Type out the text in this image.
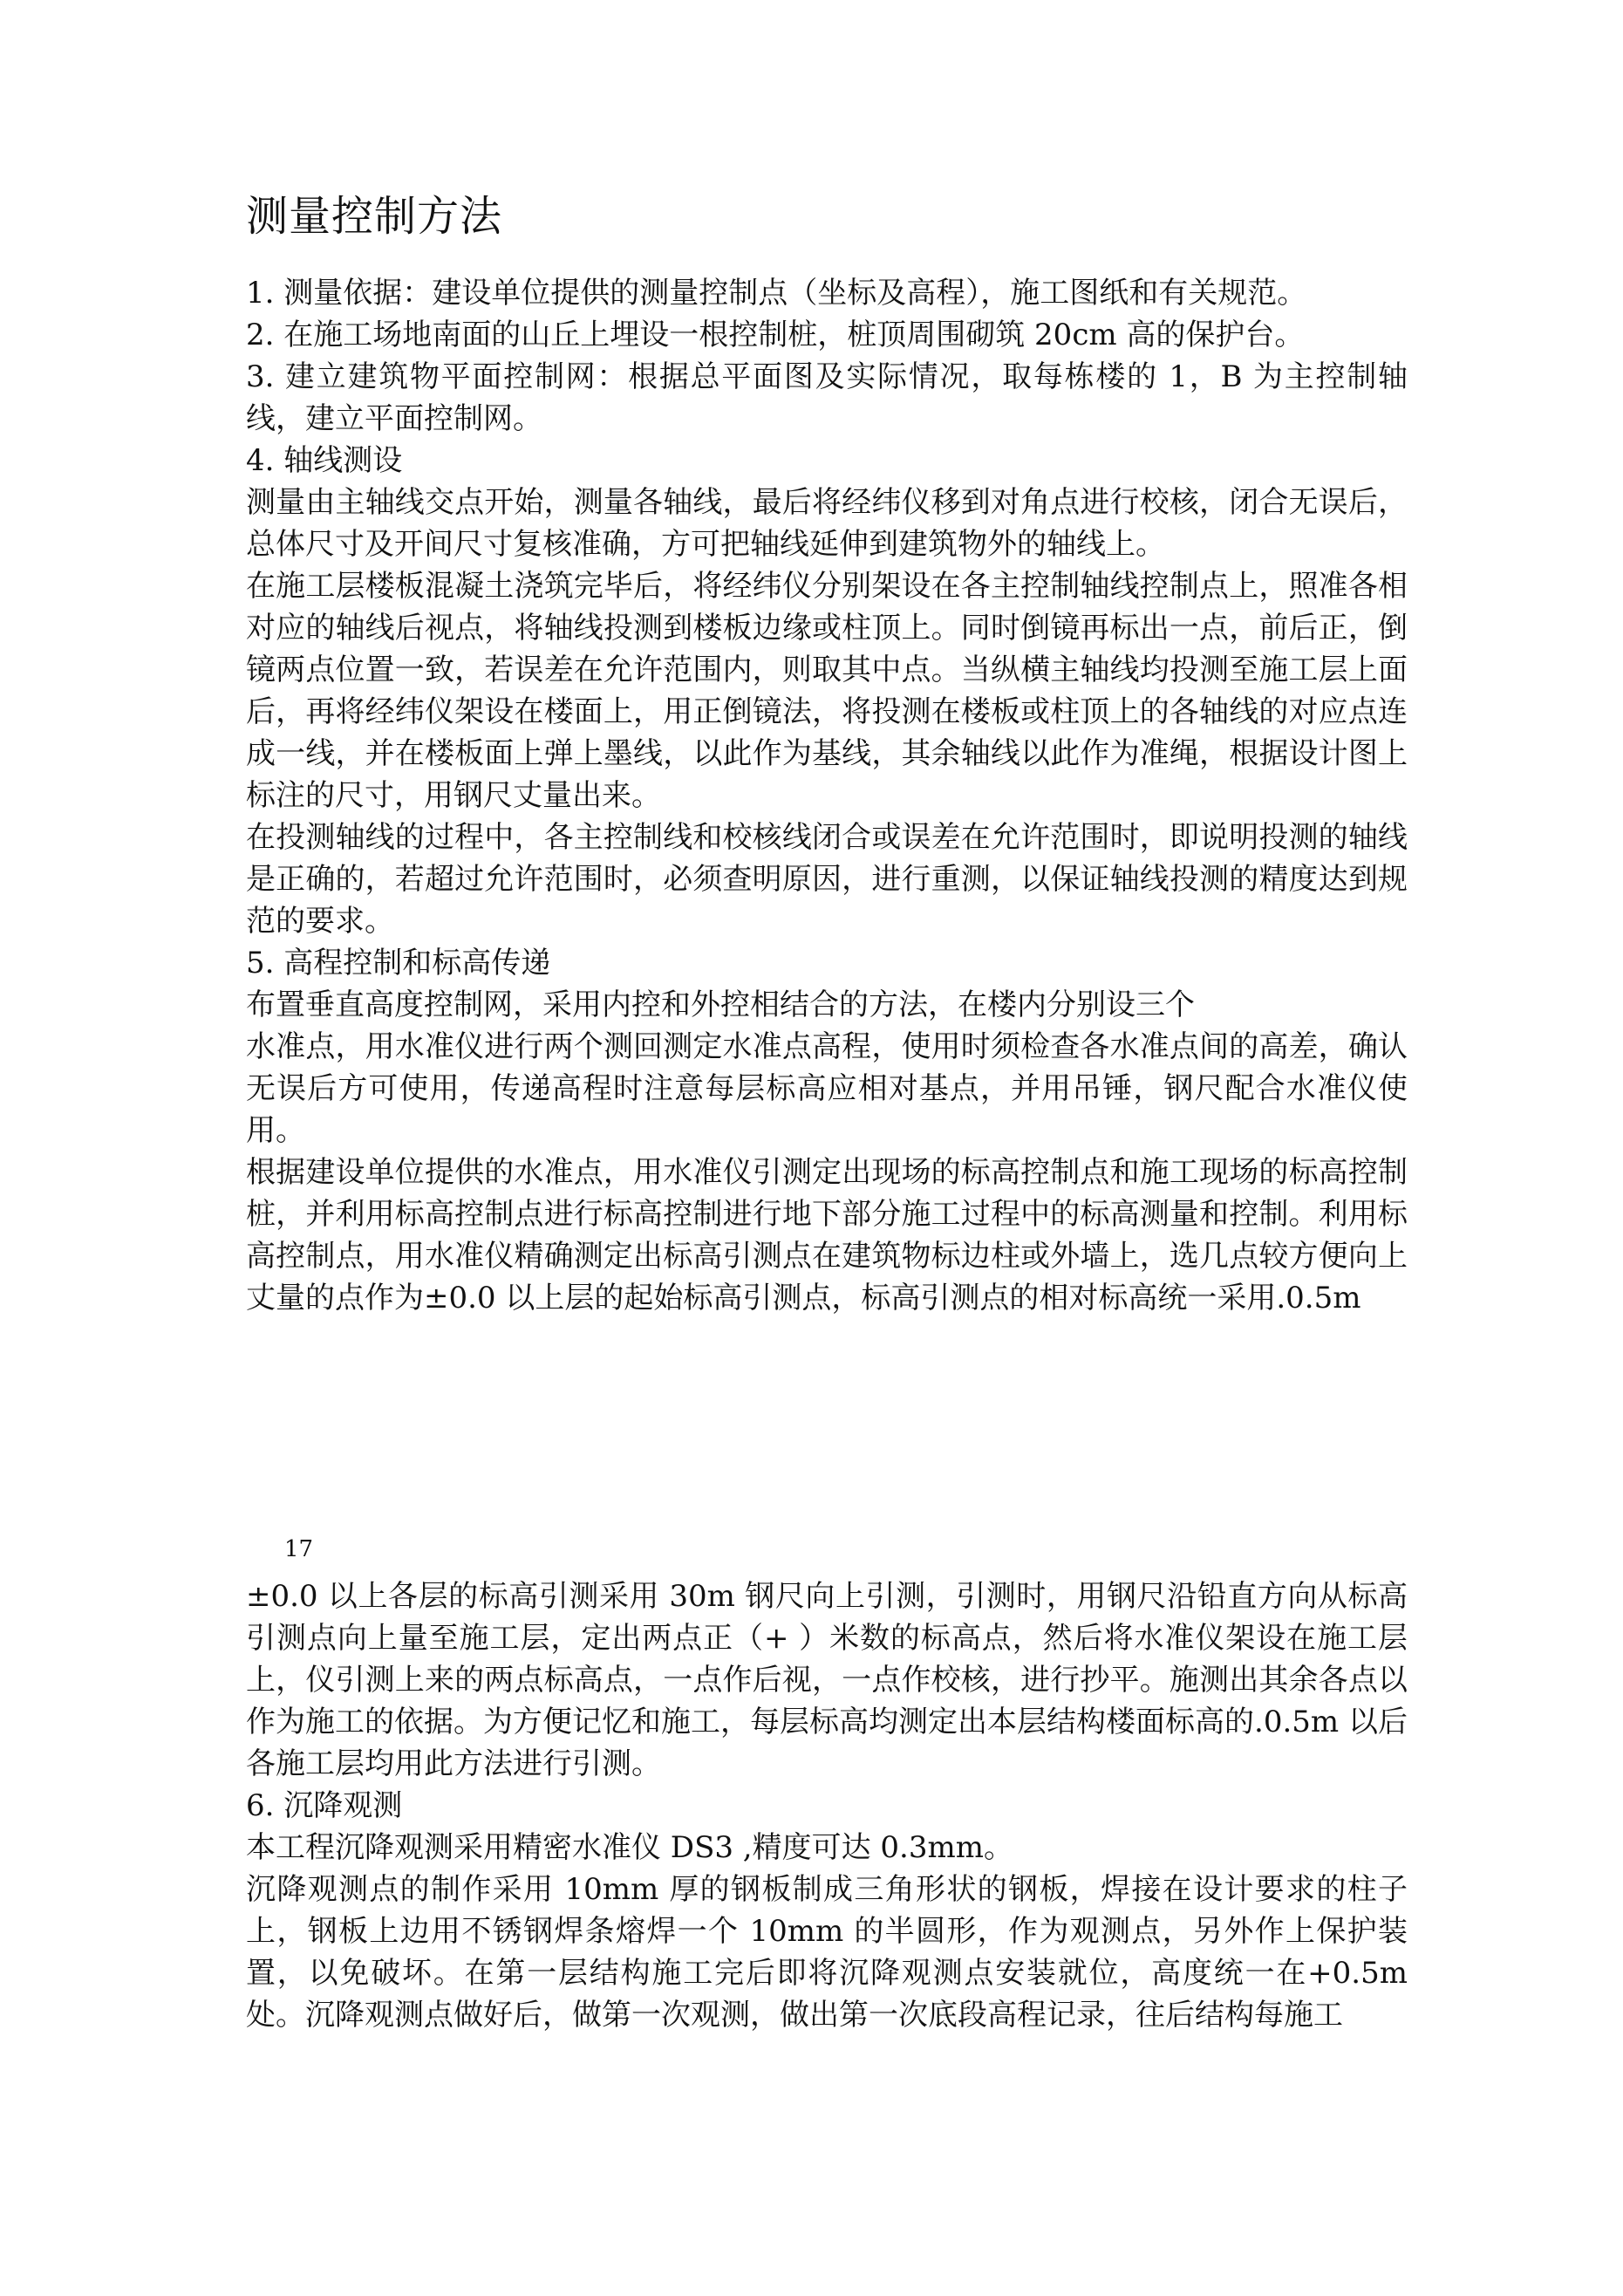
测量控制方法

1. 测量依据：建设单位提供的测量控制点（坐标及高程），施工图纸和有关规范。

2. 在施工场地南面的山丘上埋设一根控制桩，桩顶周围砌筑 20cm 高的保护台。

3. 建立建筑物平面控制网：根据总平面图及实际情况，取每栋楼的 1，B 为主控制轴线，建立平面控制网。

4. 轴线测设

测量由主轴线交点开始，测量各轴线，最后将经纬仪移到对角点进行校核，闭合无误后，总体尺寸及开间尺寸复核准确，方可把轴线延伸到建筑物外的轴线上。

在施工层楼板混凝土浇筑完毕后，将经纬仪分别架设在各主控制轴线控制点上，照准各相对应的轴线后视点，将轴线投测到楼板边缘或柱顶上。同时倒镜再标出一点，前后正，倒镜两点位置一致，若误差在允许范围内，则取其中点。当纵横主轴线均投测至施工层上面后，再将经纬仪架设在楼面上，用正倒镜法，将投测在楼板或柱顶上的各轴线的对应点连成一线，并在楼板面上弹上墨线，以此作为基线，其余轴线以此作为准绳，根据设计图上标注的尺寸，用钢尺丈量出来。

在投测轴线的过程中，各主控制线和校核线闭合或误差在允许范围时，即说明投测的轴线是正确的，若超过允许范围时，必须查明原因，进行重测，以保证轴线投测的精度达到规范的要求。

5. 高程控制和标高传递

布置垂直高度控制网，采用内控和外控相结合的方法，在楼内分别设三个

水准点，用水准仪进行两个测回测定水准点高程，使用时须检查各水准点间的高差，确认无误后方可使用，传递高程时注意每层标高应相对基点，并用吊锤，钢尺配合水准仪使用。

根据建设单位提供的水准点，用水准仪引测定出现场的标高控制点和施工现场的标高控制桩，并利用标高控制点进行标高控制进行地下部分施工过程中的标高测量和控制。利用标高控制点，用水准仪精确测定出标高引测点在建筑物标边柱或外墙上，选几点较方便向上丈量的点作为±0.0 以上层的起始标高引测点，标高引测点的相对标高统一采用.0.5m

17

±0.0 以上各层的标高引测采用 30m 钢尺向上引测，引测时，用钢尺沿铅直方向从标高引测点向上量至施工层，定出两点正（+ ）米数的标高点，然后将水准仪架设在施工层上，仪引测上来的两点标高点，一点作后视，一点作校核，进行抄平。施测出其余各点以作为施工的依据。为方便记忆和施工，每层标高均测定出本层结构楼面标高的.0.5m 以后各施工层均用此方法进行引测。

6. 沉降观测

本工程沉降观测采用精密水准仪 DS3 ,精度可达 0.3mm。

沉降观测点的制作采用 10mm 厚的钢板制成三角形状的钢板，焊接在设计要求的柱子上，钢板上边用不锈钢焊条熔焊一个 10mm 的半圆形，作为观测点，另外作上保护装置，以免破坏。在第一层结构施工完后即将沉降观测点安装就位，高度统一在+0.5m 处。沉降观测点做好后，做第一次观测，做出第一次底段高程记录，往后结构每施工
